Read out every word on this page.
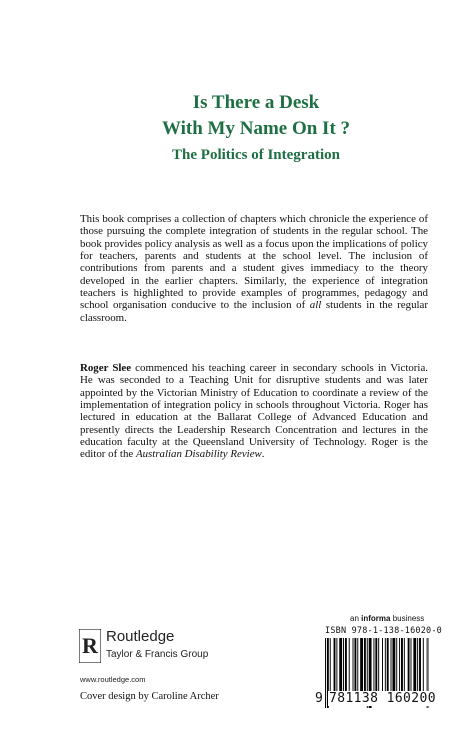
Is There a Desk
With My Name On It ?
The Politics of Integration
This book comprises a collection of chapters which chronicle the experience of those pursuing the complete integration of students in the regular school. The book provides policy analysis as well as a focus upon the implications of policy for teachers, parents and students at the school level. The inclusion of contributions from parents and a student gives immediacy to the theory developed in the earlier chapters. Similarly, the experience of integration teachers is highlighted to provide examples of programmes, pedagogy and school organisation conducive to the inclusion of all students in the regular classroom.
Roger Slee commenced his teaching career in secondary schools in Victoria. He was seconded to a Teaching Unit for disruptive students and was later appointed by the Victorian Ministry of Education to coordinate a review of the implementation of integration policy in schools throughout Victoria. Roger has lectured in education at the Ballarat College of Advanced Education and presently directs the Leadership Research Concentration and lectures in the education faculty at the Queensland University of Technology. Roger is the editor of the Australian Disability Review.
R Routledge
Taylor & Francis Group
www.routledge.com
Cover design by Caroline Archer
an informa business
ISBN 978-1-138-16020-0
9 781138 160200
